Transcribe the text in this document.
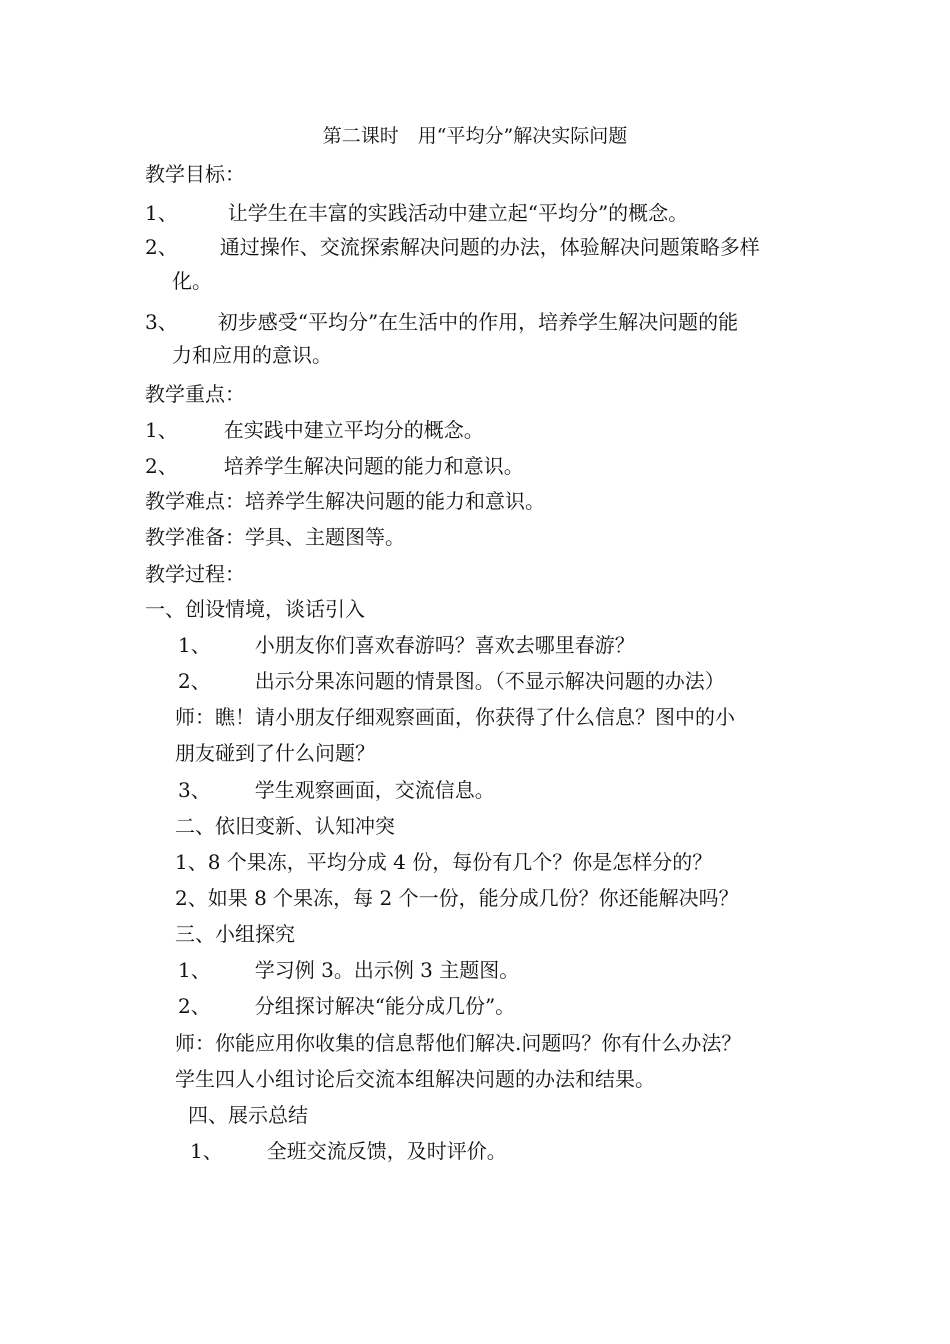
第二课时　用“平均分”解决实际问题
教学目标：
1、	让学生在丰富的实践活动中建立起“平均分”的概念。
2、 通过操作、交流探索解决问题的办法，体验解决问题策略多样
化。
3、 初步感受“平均分”在生活中的作用，培养学生解决问题的能
力和应用的意识。
教学重点：
1、 在实践中建立平均分的概念。
2、 培养学生解决问题的能力和意识。
教学难点：培养学生解决问题的能力和意识。
教学准备：学具、主题图等。
教学过程：
一、创设情境，谈话引入
1、 小朋友你们喜欢春游吗？喜欢去哪里春游？
2、 出示分果冻问题的情景图。（不显示解决问题的办法）
师：瞧！请小朋友仔细观察画面，你获得了什么信息？图中的小
朋友碰到了什么问题？
3、 学生观察画面，交流信息。
二、依旧变新、认知冲突
1、8 个果冻，平均分成 4 份，每份有几个？你是怎样分的？
2、如果 8 个果冻，每 2 个一份，能分成几份？你还能解决吗？
三、小组探究
1、 学习例 3。出示例 3 主题图。
2、 分组探讨解决“能分成几份”。
师：你能应用你收集的信息帮他们解决.问题吗？你有什么办法？
学生四人小组讨论后交流本组解决问题的办法和结果。
四、展示总结
1、 全班交流反馈，及时评价。
